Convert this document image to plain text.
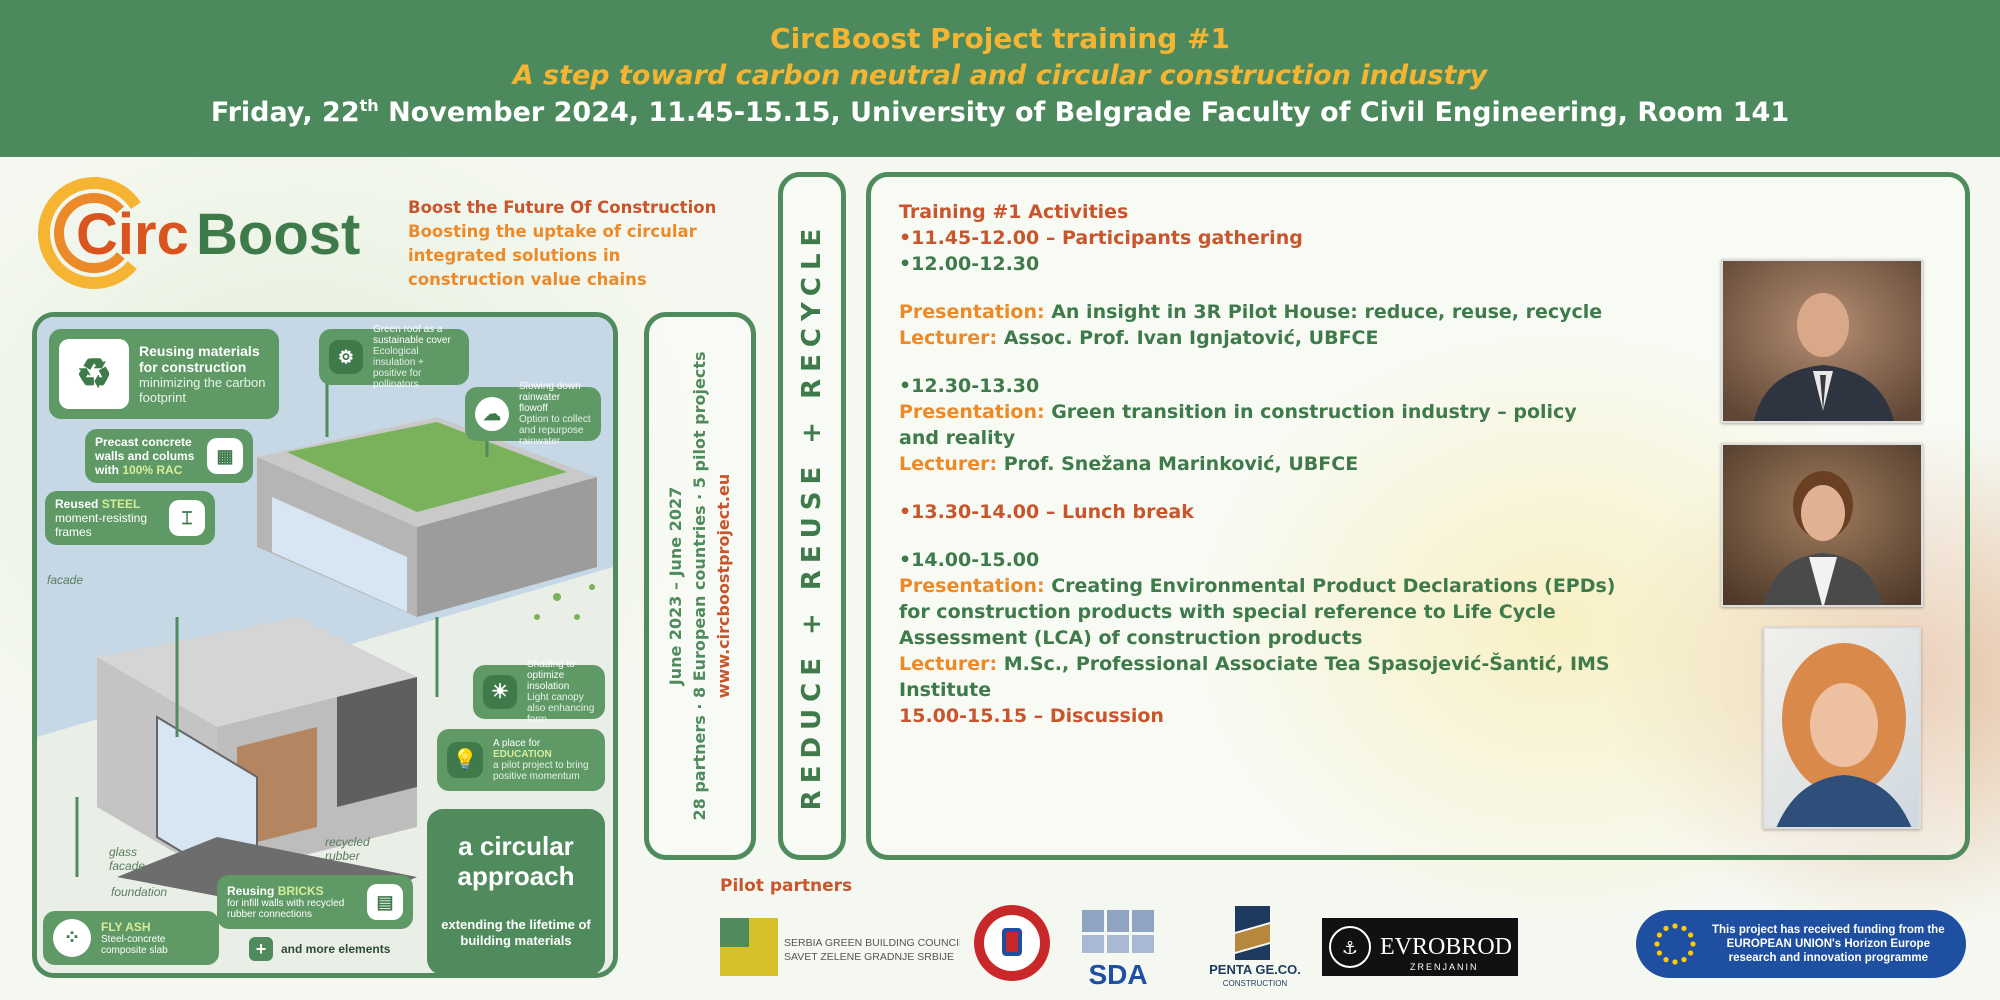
CircBoost Project training #1
A step toward carbon neutral and circular construction industry
Friday, 22th November 2024, 11.45-15.15, University of Belgrade Faculty of Civil Engineering, Room 141
Circ Boost	Boost the Future Of Construction
Boosting the uptake of circular integrated solutions in construction value chains
♻
Reusing materials for construction
minimizing the carbon footprint
⚙
Green roof as a sustainable cover
Ecological insulation + positive for pollinators
☁
Slowing down rainwater flowoff
Option to collect and repurpose rainwater
Precast concrete walls and colums with 100% RAC
▦
Reused STEEL moment-resisting frames
⌶
facade
glass facade
recycled rubber
foundation
☀
Shading to optimize insolation
Light canopy also enhancing form
💡
A place for
EDUCATION
a pilot project to bring positive momentum
a circular approach
extending the lifetime of building materials
Reusing BRICKS
for infill walls with recycled rubber connections
▤
⁘	FLY ASH
Steel-concrete composite slab	+	and more elements
June 2023 – June 2027 28 partners · 8 European countries · 5 pilot projects www.circboostproject.eu REDUCE + REUSE + RECYCLE
Training #1 Activities
•11.45-12.00 – Participants gathering
•12.00-12.30
Presentation: An insight in 3R Pilot House: reduce, reuse, recycle
Lecturer: Assoc. Prof. Ivan Ignjatović, UBFCE
•12.30-13.30
Presentation: Green transition in construction industry – policy and reality
Lecturer: Prof. Snežana Marinković, UBFCE
•13.30-14.00 – Lunch break
•14.00-15.00
Presentation: Creating Environmental Product Declarations (EPDs) for construction products with special reference to Life Cycle Assessment (LCA) of construction products
Lecturer: M.Sc., Professional Associate Tea Spasojević-Šantić, IMS Institute
15.00-15.15 – Discussion
Pilot partners
SERBIA GREEN BUILDING COUNCIL
SAVET ZELENE GRADNJE SRBIJE
SDA	PENTA GE.CO.
CONSTRUCTION
⚓ EVROBROD
ZRENJANIN
This project has received funding from the
EUROPEAN UNION's Horizon Europe
research and innovation programme
